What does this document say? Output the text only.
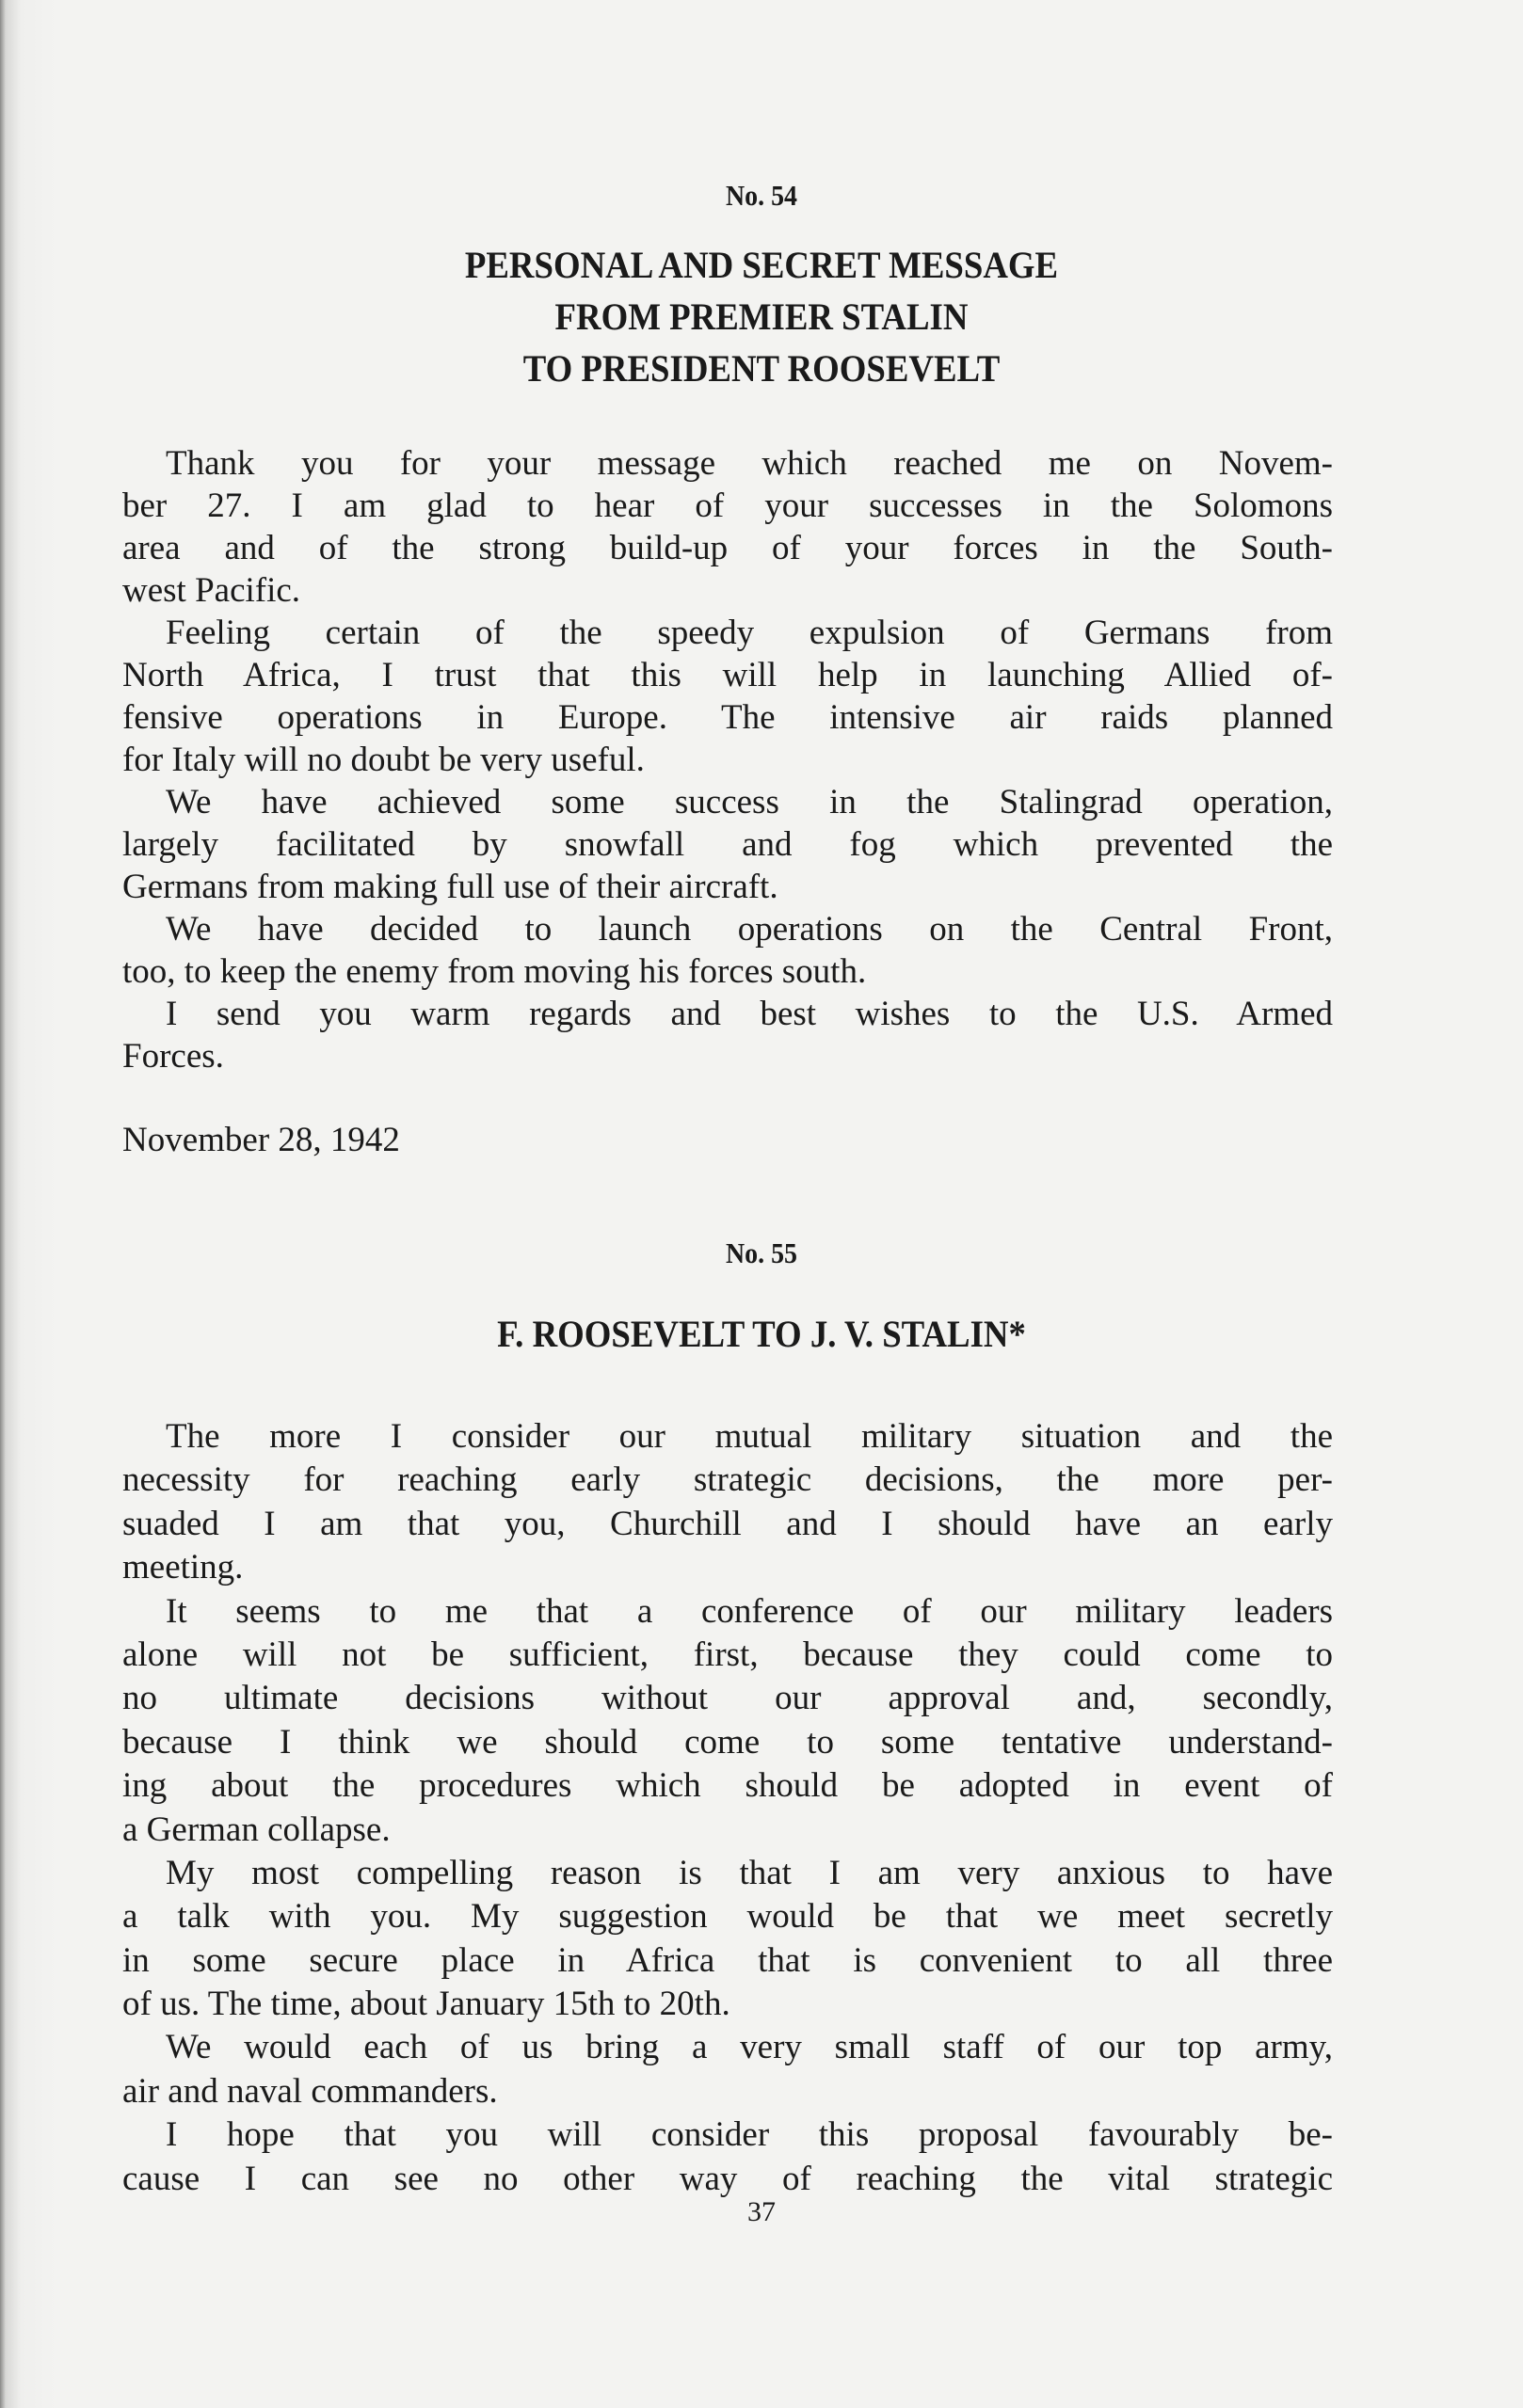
No. 54
PERSONAL AND SECRET MESSAGE
FROM PREMIER STALIN
TO PRESIDENT ROOSEVELT
Thank you for your message which reached me on Novem-
ber 27. I am glad to hear of your successes in the Solomons
area and of the strong build-up of your forces in the South-
west Pacific.
Feeling certain of the speedy expulsion of Germans from
North Africa, I trust that this will help in launching Allied of-
fensive operations in Europe. The intensive air raids planned
for Italy will no doubt be very useful.
We have achieved some success in the Stalingrad operation,
largely facilitated by snowfall and fog which prevented the
Germans from making full use of their aircraft.
We have decided to launch operations on the Central Front,
too, to keep the enemy from moving his forces south.
I send you warm regards and best wishes to the U.S. Armed
Forces.
November 28, 1942
No. 55
F. ROOSEVELT TO J. V. STALIN*
The more I consider our mutual military situation and the
necessity for reaching early strategic decisions, the more per-
suaded I am that you, Churchill and I should have an early
meeting.
It seems to me that a conference of our military leaders
alone will not be sufficient, first, because they could come to
no ultimate decisions without our approval and, secondly,
because I think we should come to some tentative understand-
ing about the procedures which should be adopted in event of
a German collapse.
My most compelling reason is that I am very anxious to have
a talk with you. My suggestion would be that we meet secretly
in some secure place in Africa that is convenient to all three
of us. The time, about January 15th to 20th.
We would each of us bring a very small staff of our top army,
air and naval commanders.
I hope that you will consider this proposal favourably be-
cause I can see no other way of reaching the vital strategic
37
